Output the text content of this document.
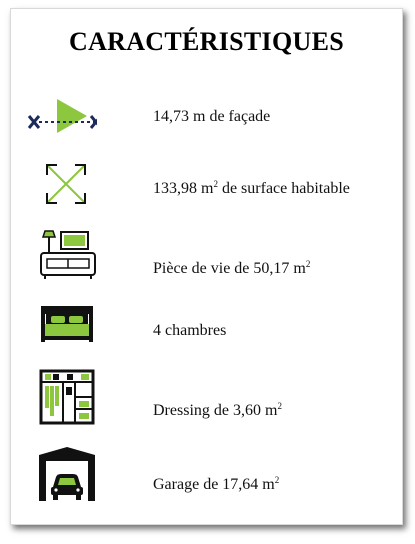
CARACTÉRISTIQUES
14,73 m de façade
133,98 $m^2$ de surface habitable
Pièce de vie de 50,17 $m^2$
4 chambres
Dressing de 3,60 $m^2$
Garage de 17,64 $m^2$
